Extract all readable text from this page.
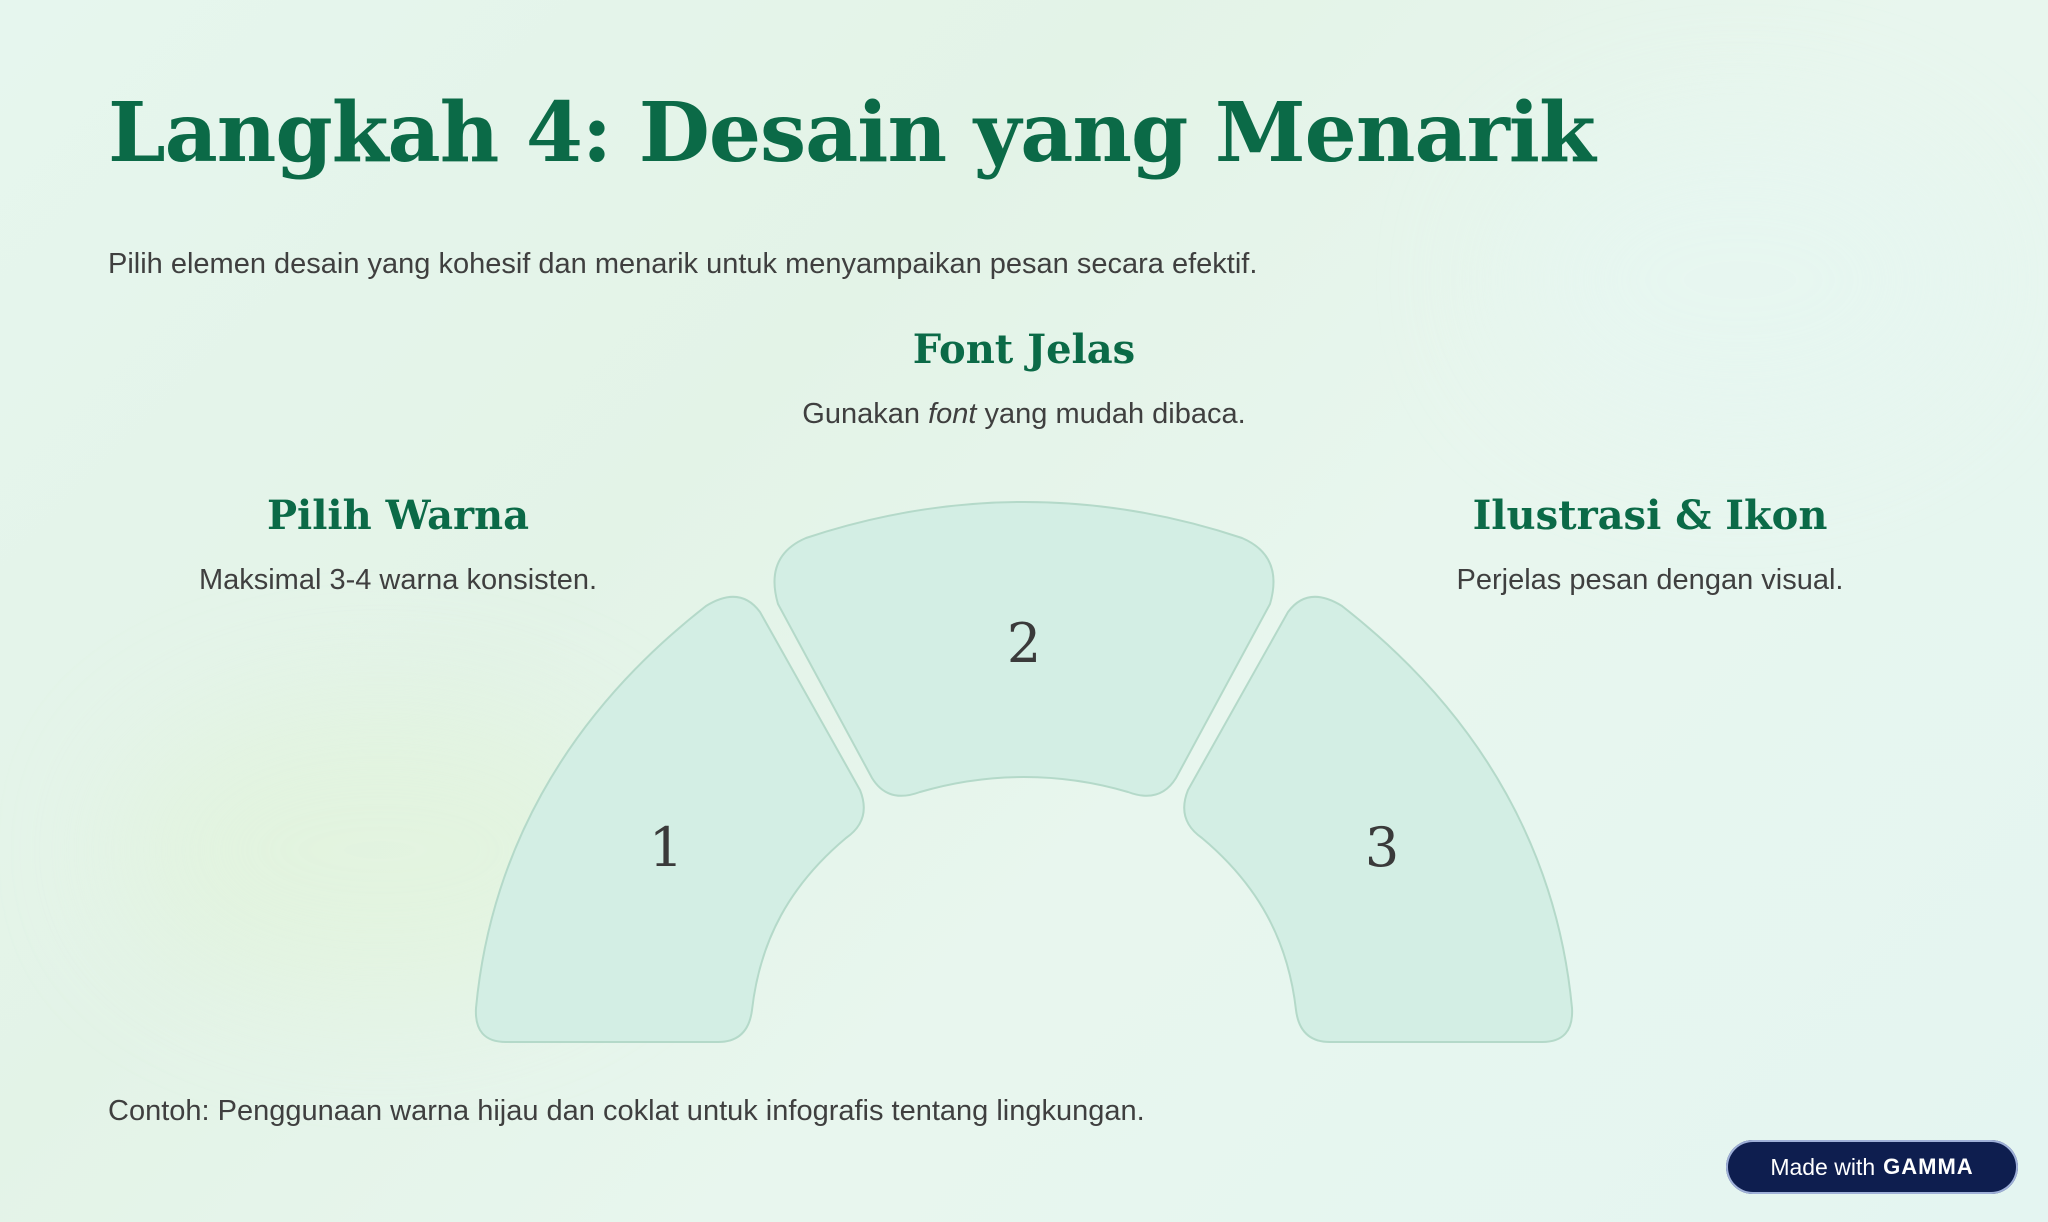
Langkah 4: Desain yang Menarik
Pilih elemen desain yang kohesif dan menarik untuk menyampaikan pesan secara efektif.
Font Jelas
Gunakan font yang mudah dibaca.
Pilih Warna
Maksimal 3-4 warna konsisten.
Ilustrasi & Ikon
Perjelas pesan dengan visual.
1
2
3
Contoh: Penggunaan warna hijau dan coklat untuk infografis tentang lingkungan.
Made with GAMMA
